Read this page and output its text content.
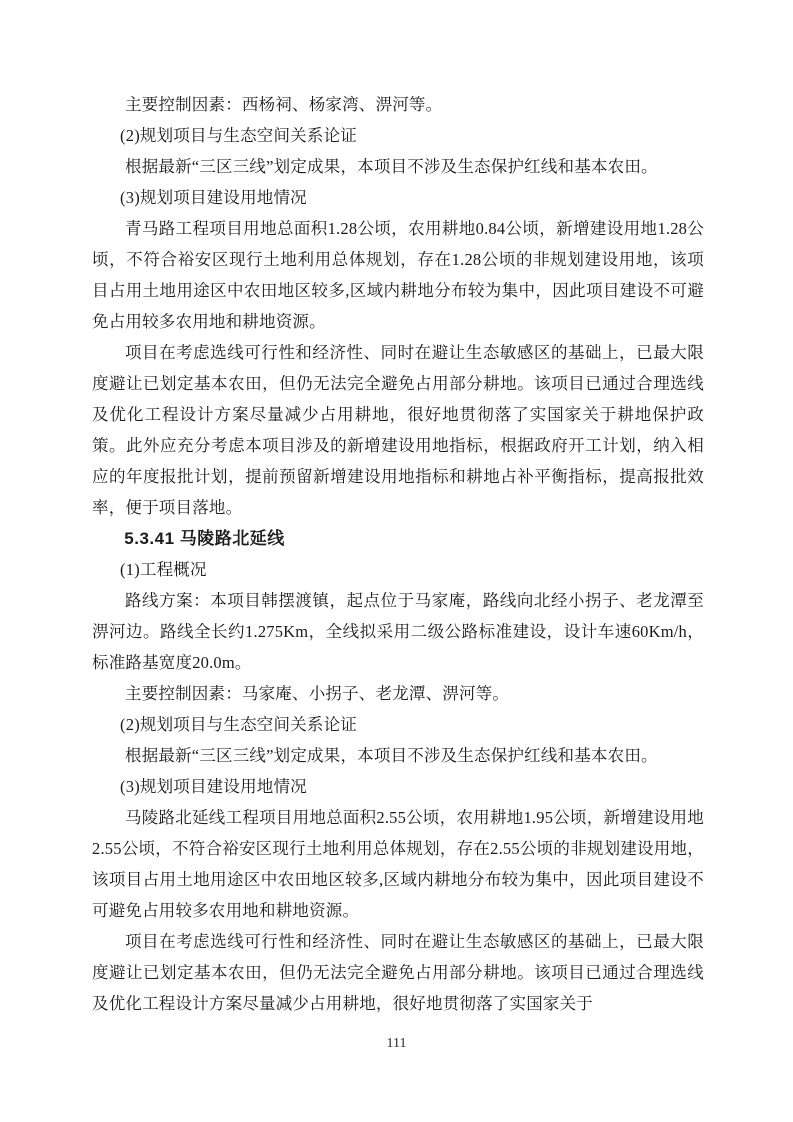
主要控制因素：西杨祠、杨家湾、淠河等。

(2)规划项目与生态空间关系论证

根据最新“三区三线”划定成果，本项目不涉及生态保护红线和基本农田。

(3)规划项目建设用地情况

青马路工程项目用地总面积1.28公顷，农用耕地0.84公顷，新增建设用地1.28公顷，不符合裕安区现行土地利用总体规划，存在1.28公顷的非规划建设用地，该项目占用土地用途区中农田地区较多,区域内耕地分布较为集中，因此项目建设不可避免占用较多农用地和耕地资源。

项目在考虑选线可行性和经济性、同时在避让生态敏感区的基础上，已最大限度避让已划定基本农田，但仍无法完全避免占用部分耕地。该项目已通过合理选线及优化工程设计方案尽量减少占用耕地，很好地贯彻落了实国家关于耕地保护政策。此外应充分考虑本项目涉及的新增建设用地指标，根据政府开工计划，纳入相应的年度报批计划，提前预留新增建设用地指标和耕地占补平衡指标，提高报批效率，便于项目落地。

5.3.41 马陵路北延线

(1)工程概况

路线方案：本项目韩摆渡镇，起点位于马家庵，路线向北经小拐子、老龙潭至淠河边。路线全长约1.275Km，全线拟采用二级公路标准建设，设计车速60Km/h，标准路基宽度20.0m。

主要控制因素：马家庵、小拐子、老龙潭、淠河等。

(2)规划项目与生态空间关系论证

根据最新“三区三线”划定成果，本项目不涉及生态保护红线和基本农田。

(3)规划项目建设用地情况

马陵路北延线工程项目用地总面积2.55公顷，农用耕地1.95公顷，新增建设用地2.55公顷，不符合裕安区现行土地利用总体规划，存在2.55公顷的非规划建设用地，该项目占用土地用途区中农田地区较多,区域内耕地分布较为集中，因此项目建设不可避免占用较多农用地和耕地资源。

项目在考虑选线可行性和经济性、同时在避让生态敏感区的基础上，已最大限度避让已划定基本农田，但仍无法完全避免占用部分耕地。该项目已通过合理选线及优化工程设计方案尽量减少占用耕地，很好地贯彻落了实国家关于

111
